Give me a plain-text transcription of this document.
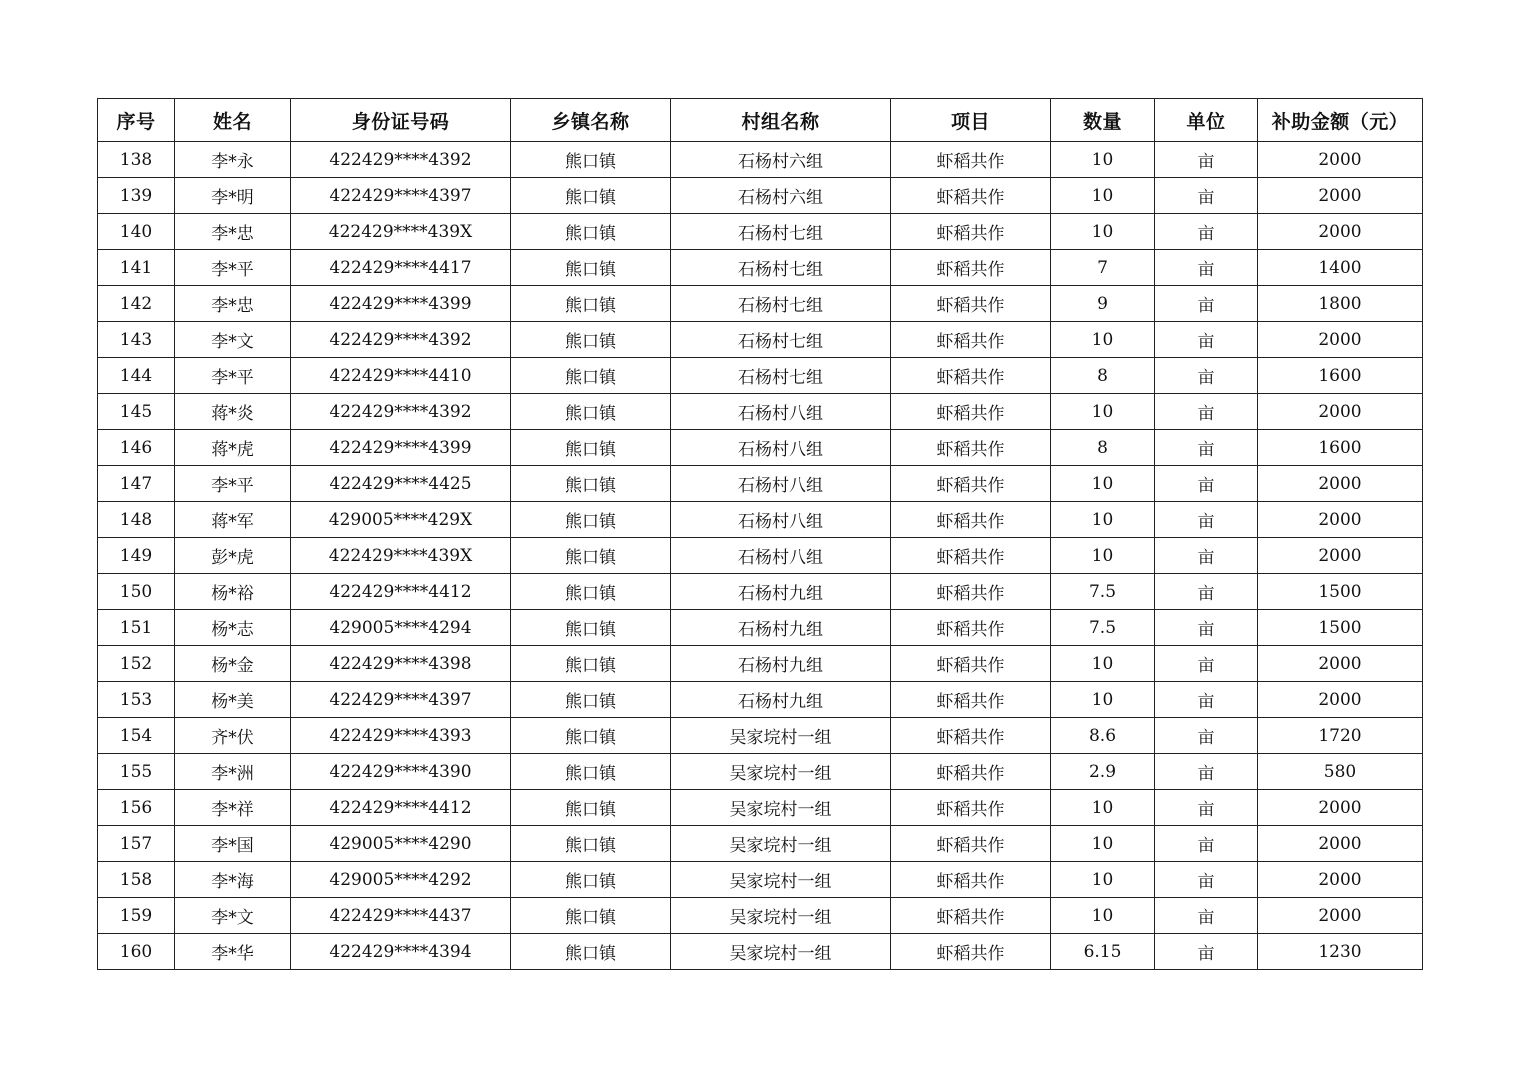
序号	姓名	身份证号码	乡镇名称	村组名称	项目	数量	单位	补助金额（元）
138	李*永	422429****4392	熊口镇	石杨村六组	虾稻共作	10	亩	2000
139	李*明	422429****4397	熊口镇	石杨村六组	虾稻共作	10	亩	2000
140	李*忠	422429****439X	熊口镇	石杨村七组	虾稻共作	10	亩	2000
141	李*平	422429****4417	熊口镇	石杨村七组	虾稻共作	7	亩	1400
142	李*忠	422429****4399	熊口镇	石杨村七组	虾稻共作	9	亩	1800
143	李*文	422429****4392	熊口镇	石杨村七组	虾稻共作	10	亩	2000
144	李*平	422429****4410	熊口镇	石杨村七组	虾稻共作	8	亩	1600
145	蒋*炎	422429****4392	熊口镇	石杨村八组	虾稻共作	10	亩	2000
146	蒋*虎	422429****4399	熊口镇	石杨村八组	虾稻共作	8	亩	1600
147	李*平	422429****4425	熊口镇	石杨村八组	虾稻共作	10	亩	2000
148	蒋*军	429005****429X	熊口镇	石杨村八组	虾稻共作	10	亩	2000
149	彭*虎	422429****439X	熊口镇	石杨村八组	虾稻共作	10	亩	2000
150	杨*裕	422429****4412	熊口镇	石杨村九组	虾稻共作	7.5	亩	1500
151	杨*志	429005****4294	熊口镇	石杨村九组	虾稻共作	7.5	亩	1500
152	杨*金	422429****4398	熊口镇	石杨村九组	虾稻共作	10	亩	2000
153	杨*美	422429****4397	熊口镇	石杨村九组	虾稻共作	10	亩	2000
154	齐*伏	422429****4393	熊口镇	吴家垸村一组	虾稻共作	8.6	亩	1720
155	李*洲	422429****4390	熊口镇	吴家垸村一组	虾稻共作	2.9	亩	580
156	李*祥	422429****4412	熊口镇	吴家垸村一组	虾稻共作	10	亩	2000
157	李*国	429005****4290	熊口镇	吴家垸村一组	虾稻共作	10	亩	2000
158	李*海	429005****4292	熊口镇	吴家垸村一组	虾稻共作	10	亩	2000
159	李*文	422429****4437	熊口镇	吴家垸村一组	虾稻共作	10	亩	2000
160	李*华	422429****4394	熊口镇	吴家垸村一组	虾稻共作	6.15	亩	1230
